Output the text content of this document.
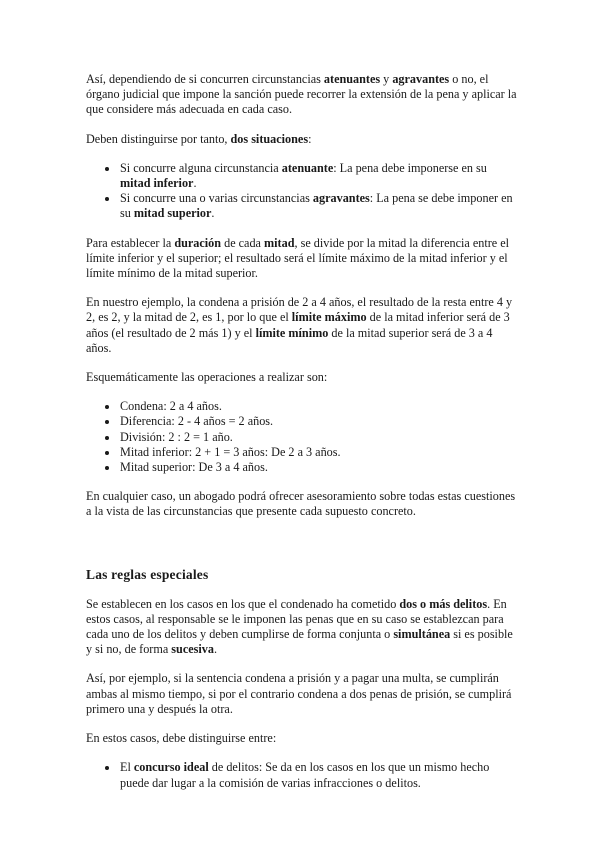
Así, dependiendo de si concurren circunstancias atenuantes y agravantes o no, el órgano judicial que impone la sanción puede recorrer la extensión de la pena y aplicar la que considere más adecuada en cada caso.

Deben distinguirse por tanto, dos situaciones:

Si concurre alguna circunstancia atenuante: La pena debe imponerse en su mitad inferior.
Si concurre una o varias circunstancias agravantes: La pena se debe imponer en su mitad superior.

Para establecer la duración de cada mitad, se divide por la mitad la diferencia entre el límite inferior y el superior; el resultado será el límite máximo de la mitad inferior y el límite mínimo de la mitad superior.

En nuestro ejemplo, la condena a prisión de 2 a 4 años, el resultado de la resta entre 4 y 2, es 2, y la mitad de 2, es 1, por lo que el límite máximo de la mitad inferior será de 3 años (el resultado de 2 más 1) y el límite mínimo de la mitad superior será de 3 a 4 años.

Esquemáticamente las operaciones a realizar son:

Condena: 2 a 4 años.
Diferencia: 2 - 4 años = 2 años.
División: 2 : 2 = 1 año.
Mitad inferior: 2 + 1 = 3 años: De 2 a 3 años.
Mitad superior: De 3 a 4 años.

En cualquier caso, un abogado podrá ofrecer asesoramiento sobre todas estas cuestiones a la vista de las circunstancias que presente cada supuesto concreto.

Las reglas especiales

Se establecen en los casos en los que el condenado ha cometido dos o más delitos. En estos casos, al responsable se le imponen las penas que en su caso se establezcan para cada uno de los delitos y deben cumplirse de forma conjunta o simultánea si es posible y si no, de forma sucesiva.

Así, por ejemplo, si la sentencia condena a prisión y a pagar una multa, se cumplirán ambas al mismo tiempo, si por el contrario condena a dos penas de prisión, se cumplirá primero una y después la otra.

En estos casos, debe distinguirse entre:

El concurso ideal de delitos: Se da en los casos en los que un mismo hecho puede dar lugar a la comisión de varias infracciones o delitos.
